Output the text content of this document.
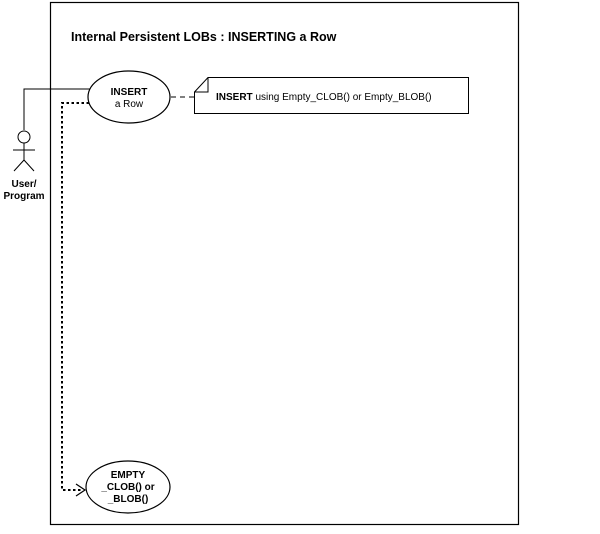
Internal Persistent LOBs : INSERTING a Row
User/
Program
INSERT
a Row
INSERT using Empty_CLOB() or Empty_BLOB()
EMPTY
_CLOB() or
_BLOB()
